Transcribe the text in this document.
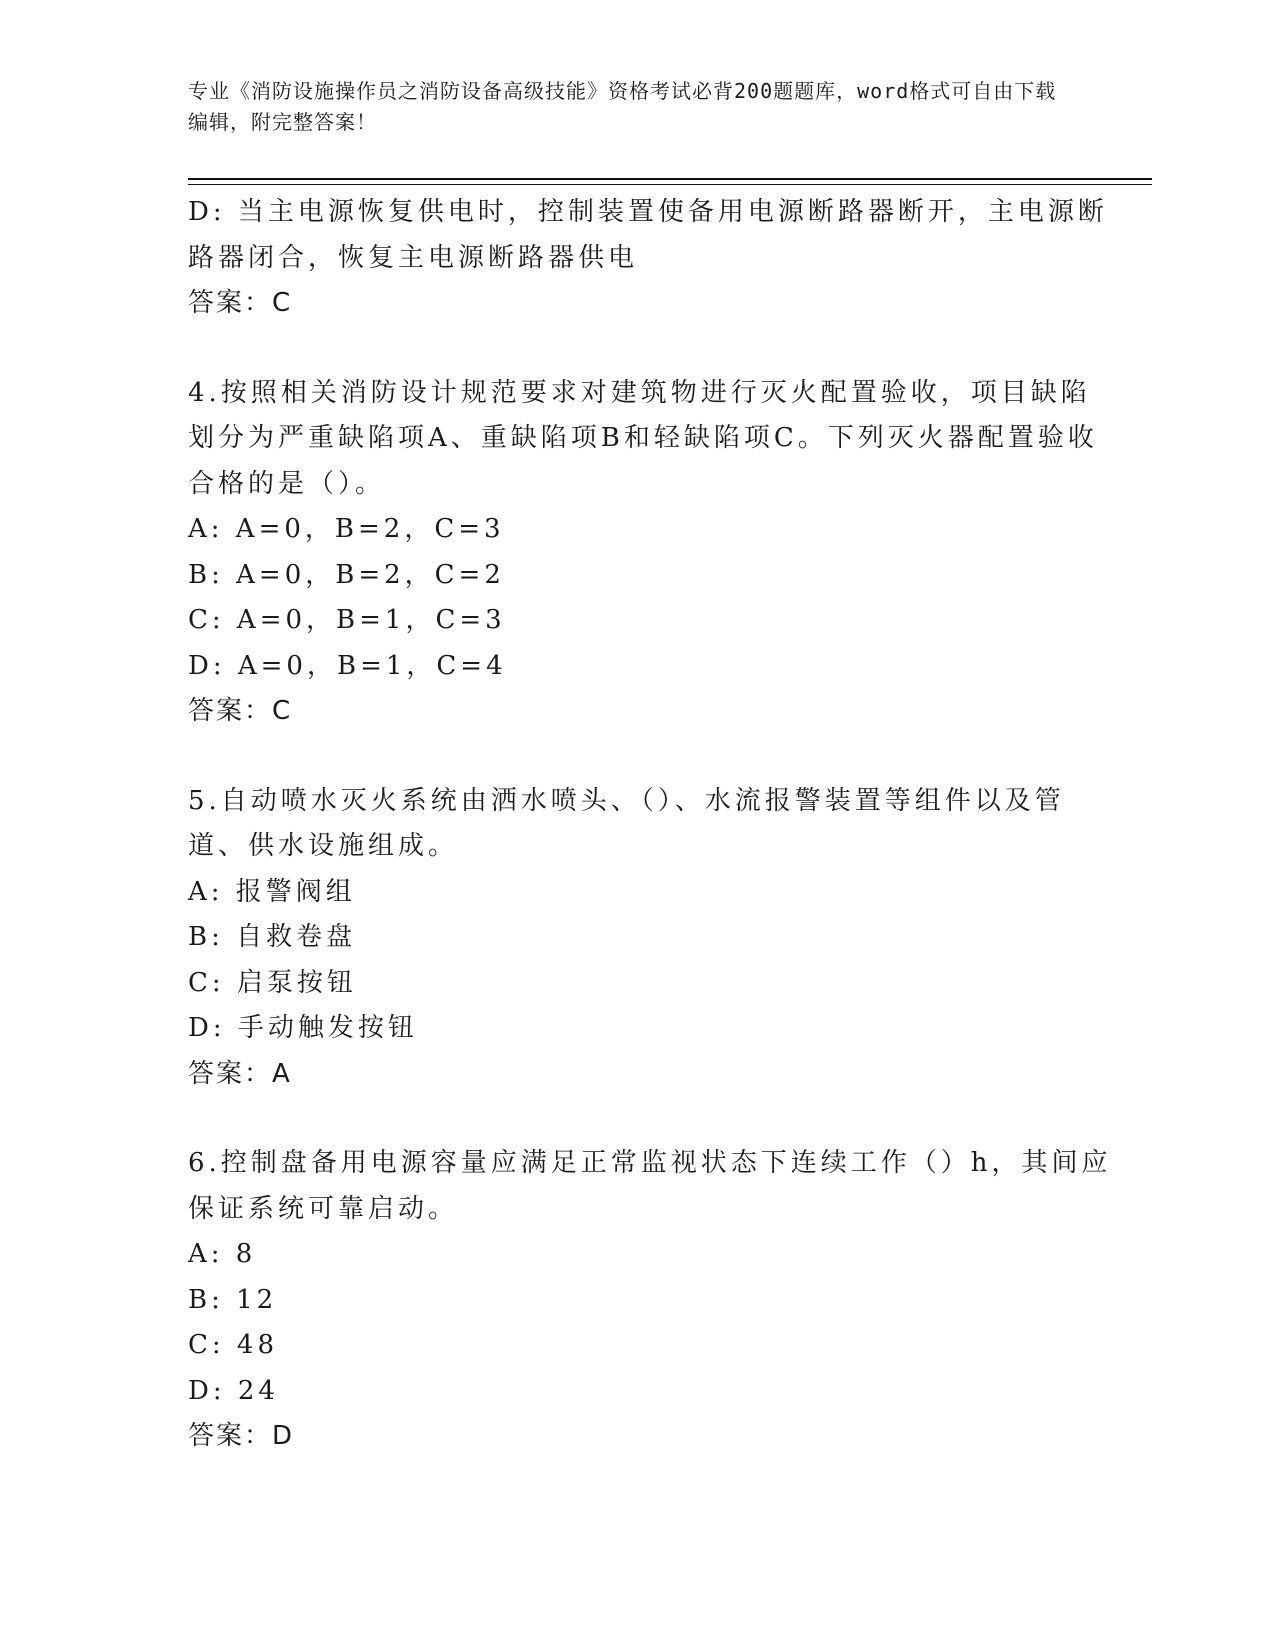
专业《消防设施操作员之消防设备高级技能》资格考试必背200题题库，word格式可自由下载编辑，附完整答案！
D: 当主电源恢复供电时，控制装置使备用电源断路器断开，主电源断
路器闭合，恢复主电源断路器供电
答案：C
4.按照相关消防设计规范要求对建筑物进行灭火配置验收，项目缺陷
划分为严重缺陷项A、重缺陷项B和轻缺陷项C。下列灭火器配置验收
合格的是（）。
A: A=0，B=2，C=3
B: A=0，B=2，C=2
C: A=0，B=1，C=3
D: A=0，B=1，C=4
答案：C
5.自动喷水灭火系统由洒水喷头、（）、水流报警装置等组件以及管
道、供水设施组成。
A: 报警阀组
B: 自救卷盘
C: 启泵按钮
D: 手动触发按钮
答案：A
6.控制盘备用电源容量应满足正常监视状态下连续工作（）h，其间应
保证系统可靠启动。
A: 8
B: 12
C: 48
D: 24
答案：D
